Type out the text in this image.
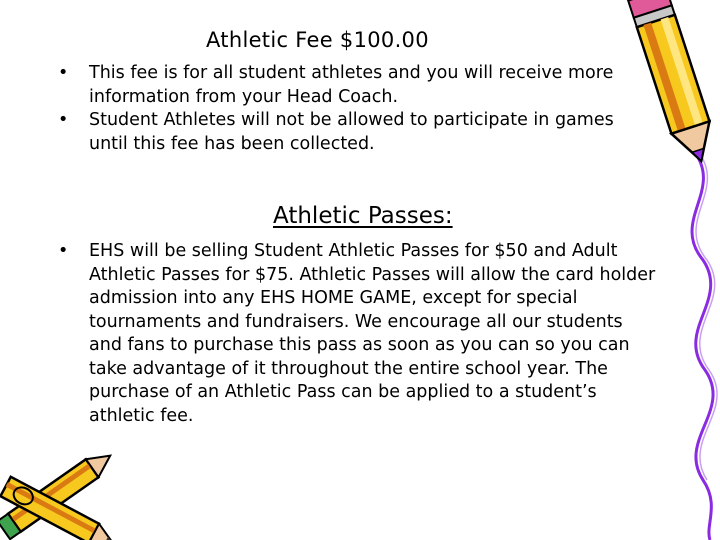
Athletic Fee $100.00
• This fee is for all student athletes and you will receive more information from your Head Coach.
• Student Athletes will not be allowed to participate in games until this fee has been collected.
Athletic Passes:
• EHS will be selling Student Athletic Passes for $50 and Adult Athletic Passes for $75. Athletic Passes will allow the card holder admission into any EHS HOME GAME, except for special tournaments and fundraisers. We encourage all our students and fans to purchase this pass as soon as you can so you can take advantage of it throughout the entire school year. The purchase of an Athletic Pass can be applied to a student’s athletic fee.
